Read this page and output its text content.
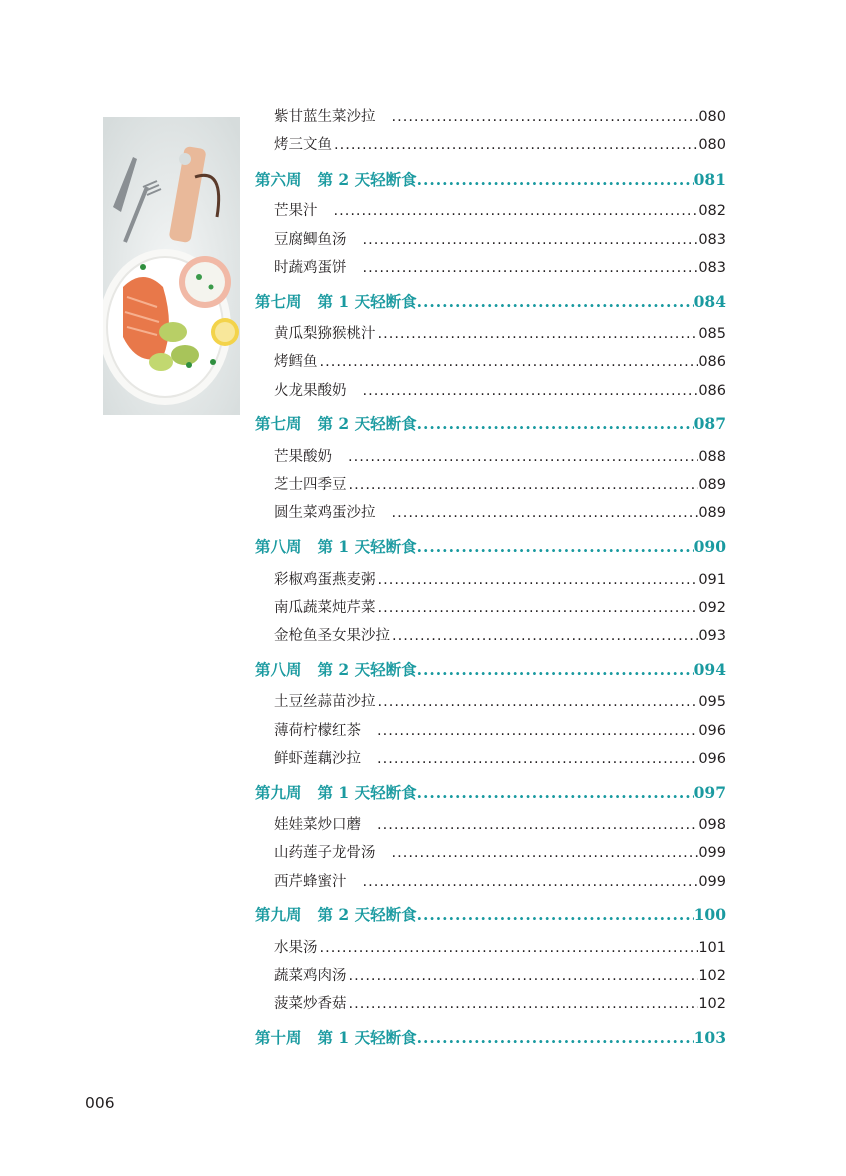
紫甘蓝生菜沙拉 .....	080
烤三文鱼 .....	080
第六周 第 2 天轻断食 .....	081
芒果汁 .....	082
豆腐鲫鱼汤 .....	083
时蔬鸡蛋饼 .....	083
第七周 第 1 天轻断食 .....	084
黄瓜梨猕猴桃汁 .....	085
烤鳕鱼 .....	086
火龙果酸奶 .....	086
第七周 第 2 天轻断食 .....	087
芒果酸奶 .....	088
芝士四季豆 .....	089
圆生菜鸡蛋沙拉 .....	089
第八周 第 1 天轻断食 .....	090
彩椒鸡蛋燕麦粥 .....	091
南瓜蔬菜炖芹菜 .....	092
金枪鱼圣女果沙拉 .....	093
第八周 第 2 天轻断食 .....	094
土豆丝蒜苗沙拉 .....	095
薄荷柠檬红茶 .....	096
鲜虾莲藕沙拉 .....	096
第九周 第 1 天轻断食 .....	097
娃娃菜炒口蘑 .....	098
山药莲子龙骨汤 .....	099
西芹蜂蜜汁 .....	099
第九周 第 2 天轻断食 .....	100
水果汤 .....	101
蔬菜鸡肉汤 .....	102
菠菜炒香菇 .....	102
第十周 第 1 天轻断食 .....	103
006
